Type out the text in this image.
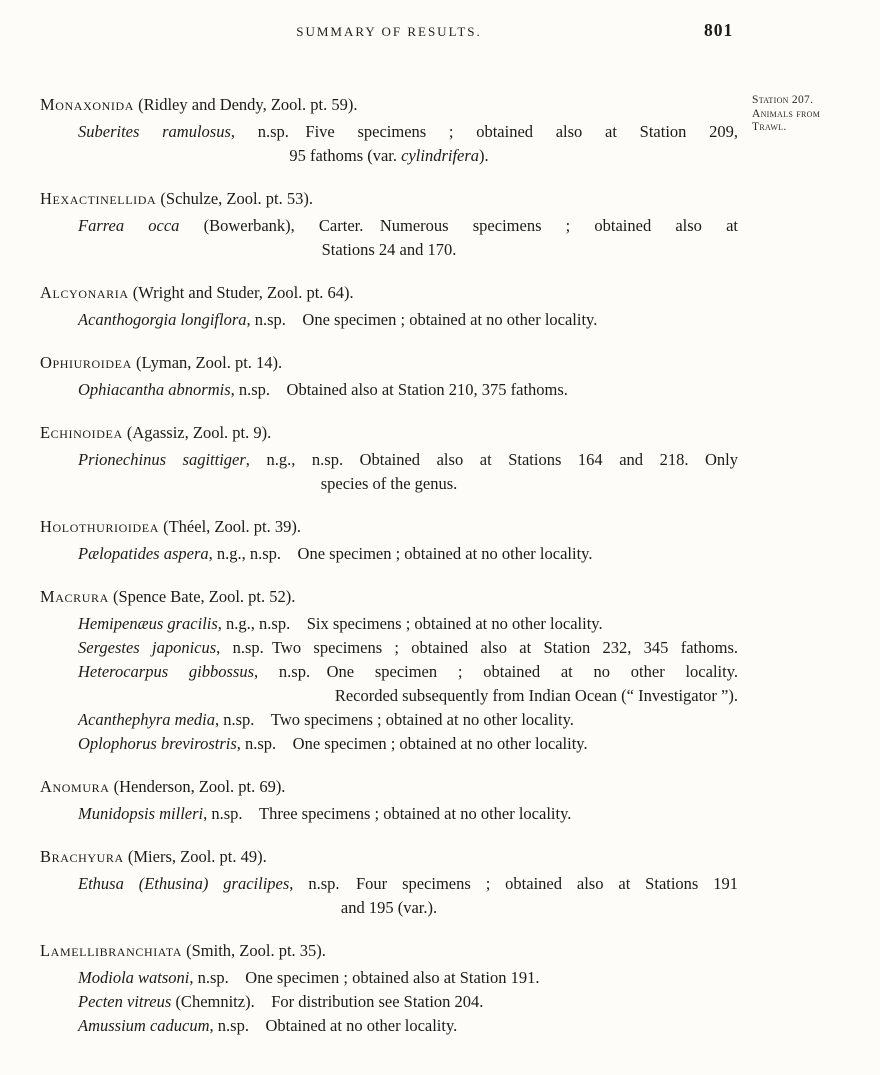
SUMMARY OF RESULTS.	801
Station 207.
Animals from
Trawl.
Monaxonida (Ridley and Dendy, Zool. pt. 59).
Suberites ramulosus, n.sp. Five specimens ; obtained also at Station 209,
95 fathoms (var. cylindrifera).
Hexactinellida (Schulze, Zool. pt. 53).
Farrea occa (Bowerbank), Carter. Numerous specimens ; obtained also at
Stations 24 and 170.
Alcyonaria (Wright and Studer, Zool. pt. 64).
Acanthogorgia longiflora, n.sp. One specimen ; obtained at no other locality.
Ophiuroidea (Lyman, Zool. pt. 14).
Ophiacantha abnormis, n.sp. Obtained also at Station 210, 375 fathoms.
Echinoidea (Agassiz, Zool. pt. 9).
Prionechinus sagittiger, n.g., n.sp. Obtained also at Stations 164 and 218. Only
species of the genus.
Holothurioidea (Théel, Zool. pt. 39).
Pælopatides aspera, n.g., n.sp. One specimen ; obtained at no other locality.
Macrura (Spence Bate, Zool. pt. 52).
Hemipenæus gracilis, n.g., n.sp. Six specimens ; obtained at no other locality.
Sergestes japonicus, n.sp. Two specimens ; obtained also at Station 232, 345 fathoms.
Heterocarpus gibbossus, n.sp. One specimen ; obtained at no other locality.
Recorded subsequently from Indian Ocean (“ Investigator ”).
Acanthephyra media, n.sp. Two specimens ; obtained at no other locality.
Oplophorus brevirostris, n.sp. One specimen ; obtained at no other locality.
Anomura (Henderson, Zool. pt. 69).
Munidopsis milleri, n.sp. Three specimens ; obtained at no other locality.
Brachyura (Miers, Zool. pt. 49).
Ethusa (Ethusina) gracilipes, n.sp. Four specimens ; obtained also at Stations 191
and 195 (var.).
Lamellibranchiata (Smith, Zool. pt. 35).
Modiola watsoni, n.sp. One specimen ; obtained also at Station 191.
Pecten vitreus (Chemnitz). For distribution see Station 204.
Amussium caducum, n.sp. Obtained at no other locality.
